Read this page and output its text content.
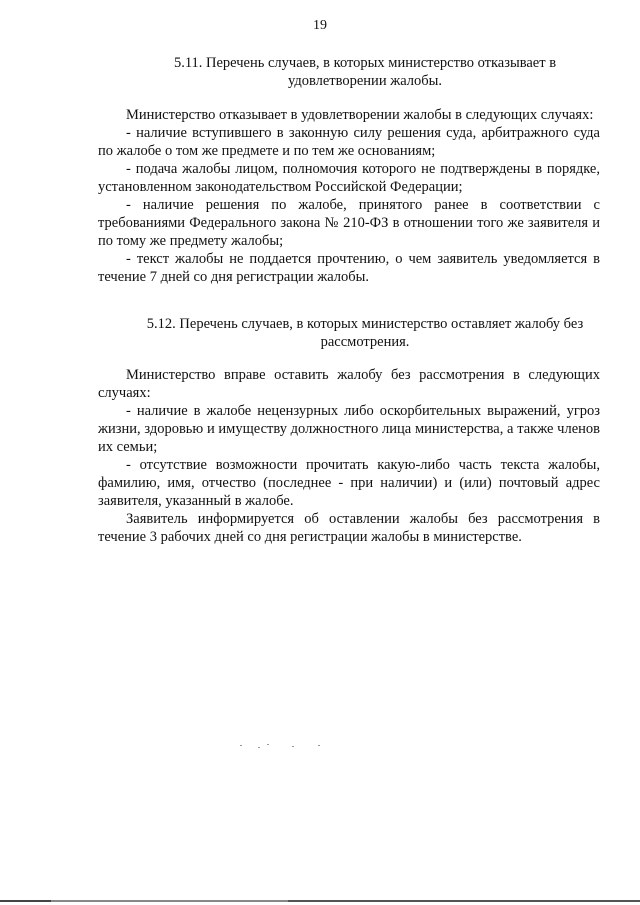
19
5.11. Перечень случаев, в которых министерство отказывает в удовлетворении жалобы.

Министерство отказывает в удовлетворении жалобы в следующих случаях:

- наличие вступившего в законную силу решения суда, арбитражного суда по жалобе о том же предмете и по тем же основаниям;

- подача жалобы лицом, полномочия которого не подтверждены в порядке, установленном законодательством Российской Федерации;

- наличие решения по жалобе, принятого ранее в соответствии с требованиями Федерального закона № 210-ФЗ в отношении того же заявителя и по тому же предмету жалобы;

- текст жалобы не поддается прочтению, о чем заявитель уведомляется в течение 7 дней со дня регистрации жалобы.

5.12. Перечень случаев, в которых министерство оставляет жалобу без рассмотрения.

Министерство вправе оставить жалобу без рассмотрения в следующих случаях:

- наличие в жалобе нецензурных либо оскорбительных выражений, угроз жизни, здоровью и имуществу должностного лица министерства, а также членов их семьи;

- отсутствие возможности прочитать какую-либо часть текста жалобы, фамилию, имя, отчество (последнее - при наличии) и (или) почтовый адрес заявителя, указанный в жалобе.

Заявитель информируется об оставлении жалобы без рассмотрения в течение 3 рабочих дней со дня регистрации жалобы в министерстве.
